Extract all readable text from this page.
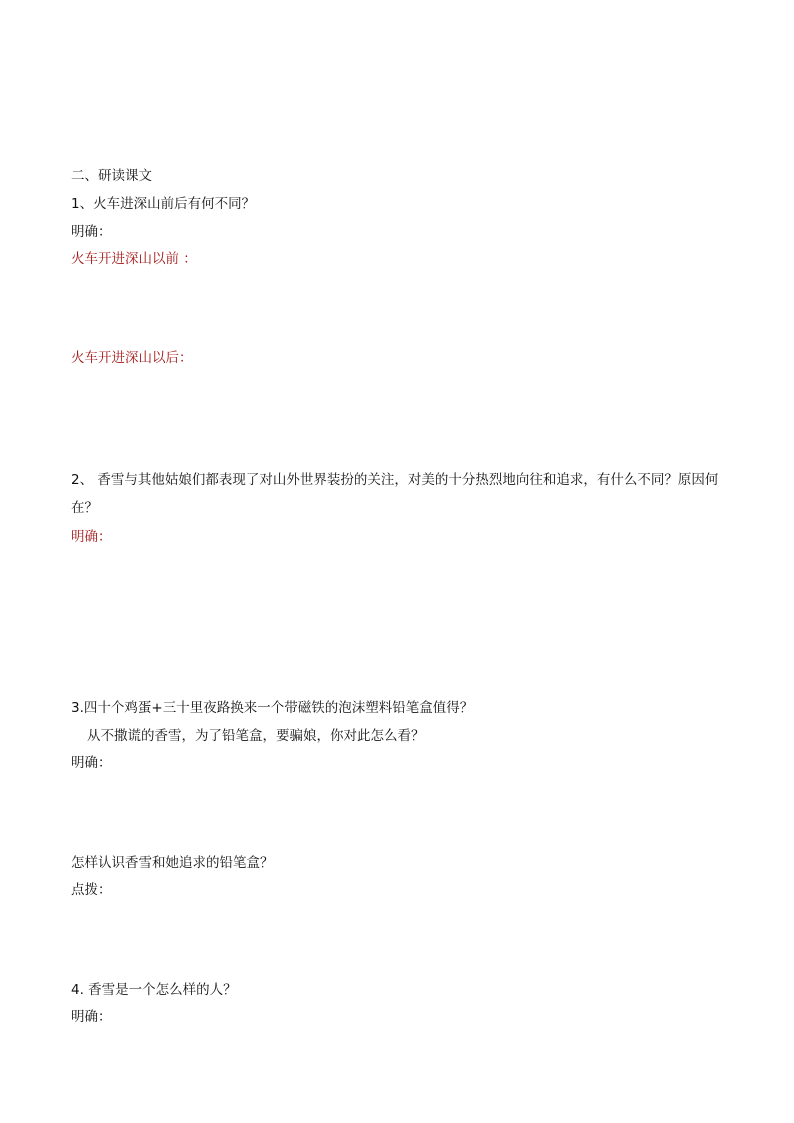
二、研读课文
1、火车进深山前后有何不同？
明确：
火车开进深山以前 ：
火车开进深山以后：
2、 香雪与其他姑娘们都表现了对山外世界装扮的关注，对美的十分热烈地向往和追求，有什么不同？原因何在？
明确：
3.四十个鸡蛋+三十里夜路换来一个带磁铁的泡沫塑料铅笔盒值得？
从不撒谎的香雪，为了铅笔盒，要骗娘，你对此怎么看？
明确：
怎样认识香雪和她追求的铅笔盒？
点拨：
4. 香雪是一个怎么样的人？
明确：
